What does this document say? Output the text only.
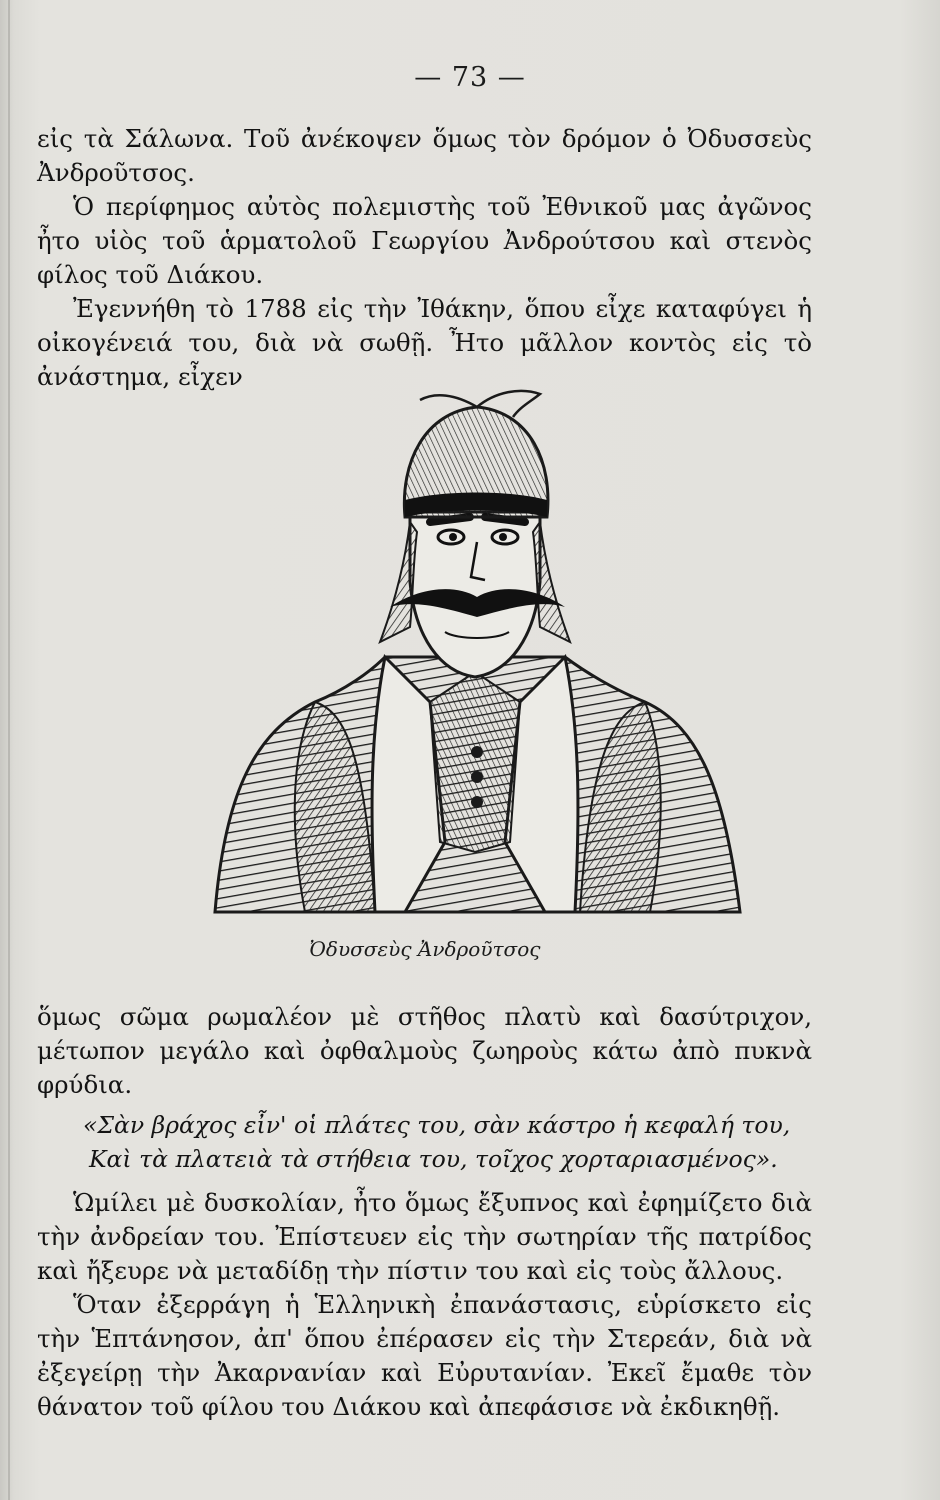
— 73 —

εἰς τὰ Σάλωνα. Τοῦ ἀνέκοψεν ὅμως τὸν δρόμον ὁ Ὀδυσσεὺς Ἀνδροῦτσος.

Ὁ περίφημος αὐτὸς πολεμιστὴς τοῦ Ἐθνικοῦ μας ἀγῶνος ἦτο υἱὸς τοῦ ἁρματολοῦ Γεωργίου Ἀνδρούτσου καὶ στενὸς φίλος τοῦ Διάκου.

Ἐγεννήθη τὸ 1788 εἰς τὴν Ἰθάκην, ὅπου εἶχε καταφύγει ἡ οἰκογένειά του, διὰ νὰ σωθῇ. Ἦτο μᾶλλον κοντὸς εἰς τὸ ἀνάστημα, εἶχεν

Ὀδυσσεὺς Ἀνδροῦτσος

ὅμως σῶμα ρωμαλέον μὲ στῆθος πλατὺ καὶ δασύτριχον, μέτωπον μεγάλο καὶ ὀφθαλμοὺς ζωηροὺς κάτω ἀπὸ πυκνὰ φρύδια.

«Σὰν βράχος εἶν' οἱ πλάτες του, σὰν κάστρο ἡ κεφαλή του,
Καὶ τὰ πλατειὰ τὰ στήθεια του, τοῖχος χορταριασμένος».

Ὡμίλει μὲ δυσκολίαν, ἦτο ὅμως ἔξυπνος καὶ ἐφημίζετο διὰ τὴν ἀνδρείαν του. Ἐπίστευεν εἰς τὴν σωτηρίαν τῆς πατρίδος καὶ ἤξευρε νὰ μεταδίδῃ τὴν πίστιν του καὶ εἰς τοὺς ἄλλους.

Ὅταν ἐξερράγη ἡ Ἑλληνικὴ ἐπανάστασις, εὑρίσκετο εἰς τὴν Ἑπτάνησον, ἀπ' ὅπου ἐπέρασεν εἰς τὴν Στερεάν, διὰ νὰ ἐξεγείρῃ τὴν Ἀκαρνανίαν καὶ Εὐρυτανίαν. Ἐκεῖ ἔμαθε τὸν θάνατον τοῦ φίλου του Διάκου καὶ ἀπεφάσισε νὰ ἐκδικηθῇ.
